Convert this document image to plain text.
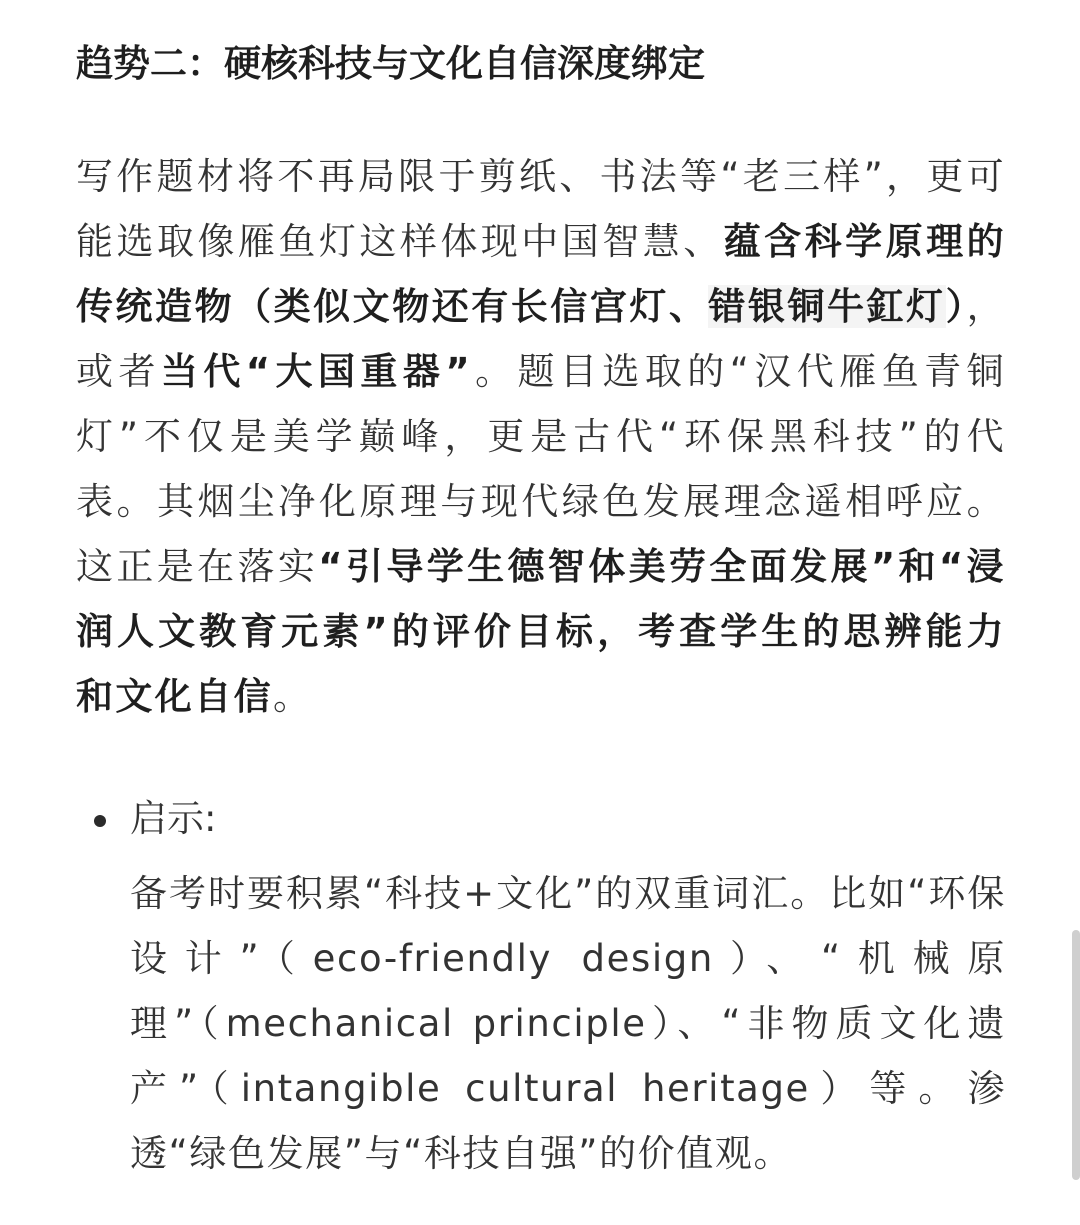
趋势二：硬核科技与文化自信深度绑定
写作题材将不再局限于剪纸、书法等“老三样”，更可能选取像雁鱼灯这样体现中国智慧、蕴含科学原理的传统造物（类似文物还有长信宫灯、错银铜牛釭灯），或者当代“大国重器”。题目选取的“汉代雁鱼青铜灯”不仅是美学巅峰，更是古代“环保黑科技”的代表。其烟尘净化原理与现代绿色发展理念遥相呼应。这正是在落实“引导学生德智体美劳全面发展”和“浸润人文教育元素”的评价目标，考查学生的思辨能力和文化自信。
启示:
备考时要积累“科技+文化”的双重词汇。比如“环保设计”（eco-friendly design）、“机械原理”（mechanical principle）、“非物质文化遗产”（intangible cultural heritage）等。渗透“绿色发展”与“科技自强”的价值观。
